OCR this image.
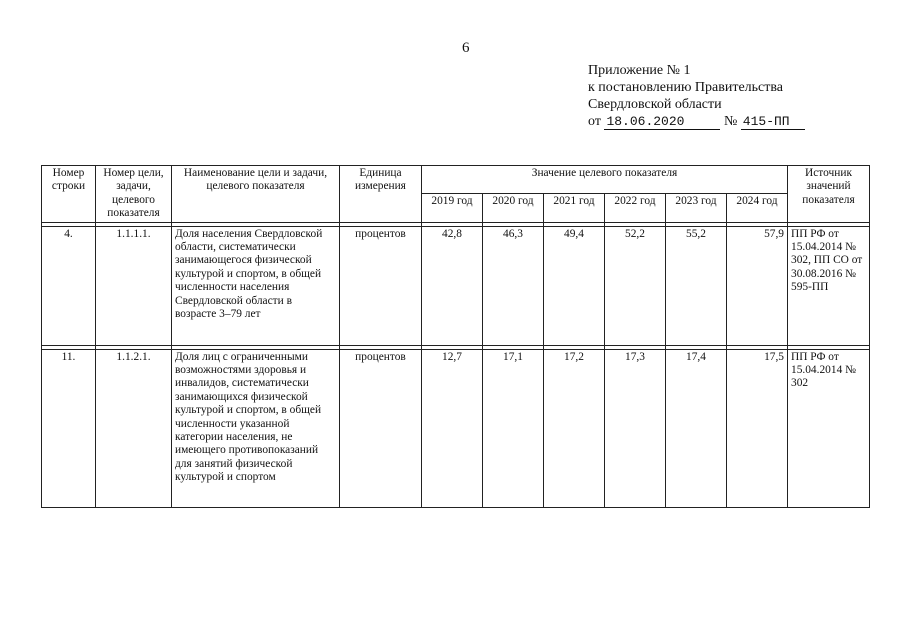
6
Приложение № 1
к постановлению Правительства
Свердловской области
от 18.06.2020	№ 415-ПП
Номер строки	Номер цели, задачи, целевого показателя	Наименование цели и задачи, целевого показателя	Единица измерения	Значение целевого показателя						Источник значений показателя
				2019 год	2020 год	2021 год	2022 год	2023 год	2024 год	

4.	1.1.1.1.	Доля населения Свердловской области, систематически занимающегося физической культурой и спортом, в общей численности населения Свердловской области в возрасте 3–79 лет	процентов	42,8	46,3	49,4	52,2	55,2	57,9	ПП РФ от 15.04.2014 № 302, ПП СО от 30.08.2016 № 595-ПП

11.	1.1.2.1.	Доля лиц с ограниченными возможностями здоровья и инвалидов, систематически занимающихся физической культурой и спортом, в общей численности указанной категории населения, не имеющего противопоказаний для занятий физической культурой и спортом	процентов	12,7	17,1	17,2	17,3	17,4	17,5	ПП РФ от 15.04.2014 № 302
